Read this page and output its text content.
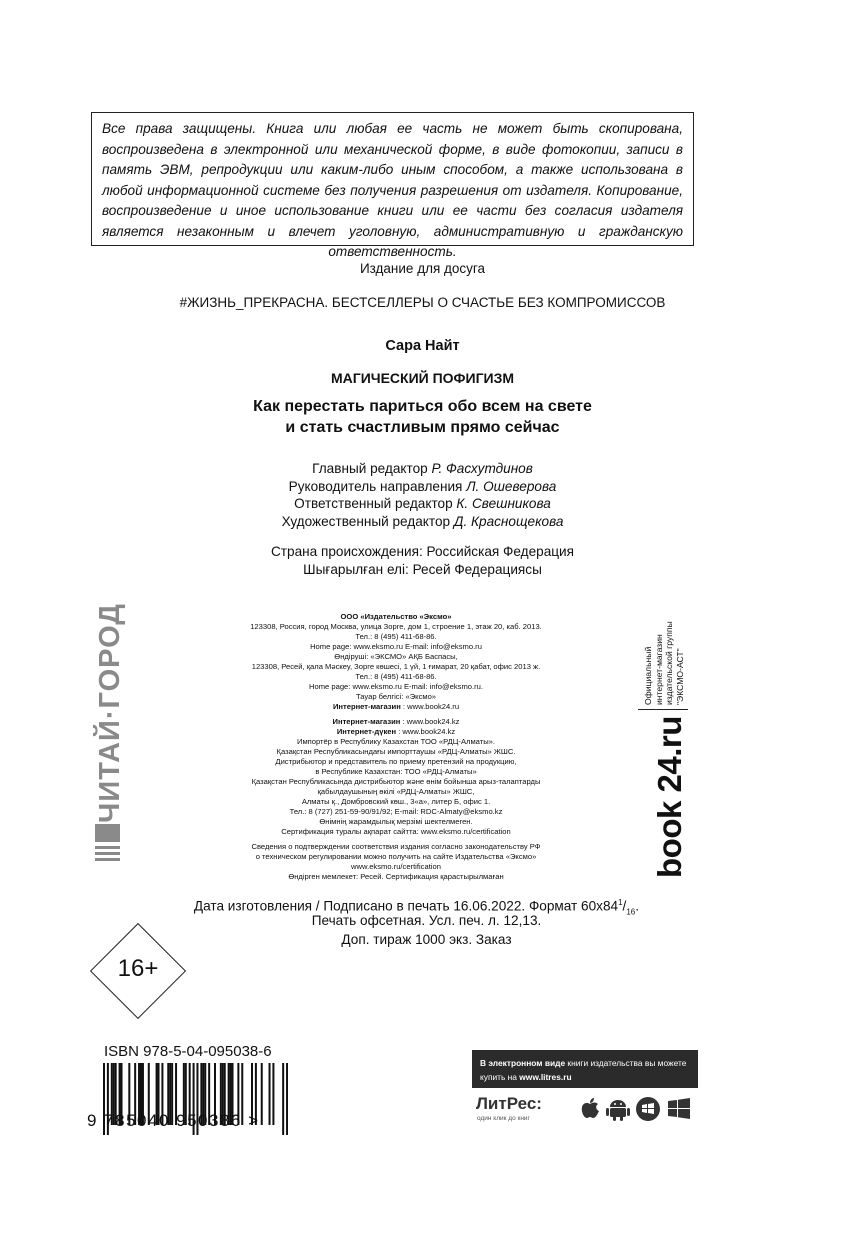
Все права защищены. Книга или любая ее часть не может быть скопирована, воспроизведена в электронной или механической форме, в виде фотокопии, записи в память ЭВМ, репродукции или каким-либо иным способом, а также использована в любой информационной системе без получения разрешения от издателя. Копирование, воспроизведение и иное использование книги или ее части без согласия издателя является незаконным и влечет уголовную, административную и гражданскую ответственность.

Издание для досуга
#ЖИЗНЬ_ПРЕКРАСНА. БЕСТСЕЛЛЕРЫ О СЧАСТЬЕ БЕЗ КОМПРОМИССОВ
Сара Найт
МАГИЧЕСКИЙ ПОФИГИЗМ
Как перестать париться обо всем на свете
и стать счастливым прямо сейчас
Главный редактор Р. Фасхутдинов
Руководитель направления Л. Ошеверова
Ответственный редактор К. Свешникова
Художественный редактор Д. Краснощекова
Страна происхождения: Российская Федерация
Шығарылған елі: Ресей Федерациясы
ООО «Издательство «Эксмо»
123308, Россия, город Москва, улица Зорге, дом 1, строение 1, этаж 20, каб. 2013.
Тел.: 8 (495) 411-68-86.
Home page: www.eksmo.ru E-mail: info@eksmo.ru
Өндіруші: «ЭКСМО» АҚБ Баспасы,
123308, Ресей, қала Мәскеу, Зорге көшесі, 1 үй, 1 ғимарат, 20 қабат, офис 2013 ж.
Тел.: 8 (495) 411-68-86.
Home page: www.eksmo.ru E-mail: info@eksmo.ru.
Тауар белгісі: «Эксмо»
Интернет-магазин : www.book24.ru
Интернет-магазин : www.book24.kz
Интернет-дүкен : www.book24.kz
Импортёр в Республику Казахстан ТОО «РДЦ-Алматы».
Қазақстан Республикасындағы импорттаушы «РДЦ-Алматы» ЖШС.
Дистрибьютор и представитель по приему претензий на продукцию,
в Республике Казахстан: ТОО «РДЦ-Алматы»
Қазақстан Республикасында дистрибьютор және өнім бойынша арыз-талаптарды
қабылдаушының өкілі «РДЦ-Алматы» ЖШС,
Алматы қ., Домбровский көш., 3«а», литер Б, офис 1.
Тел.: 8 (727) 251-59-90/91/92; E-mail: RDC-Almaty@eksmo.kz
Өнімнің жарамдылық мерзімі шектелмеген.
Сертификация туралы ақпарат сайтта: www.eksmo.ru/certification
Сведения о подтверждении соответствия издания согласно законодательству РФ
о техническом регулировании можно получить на сайте Издательства «Эксмо»
www.eksmo.ru/certification
Өндірген мемлекет: Ресей. Сертификация қарастырылмаған
ЧИТАЙ·ГОРОД	Официальный интернет-магазин издательской группы "ЭКСМО-АСТ"
book 24.ru
Дата изготовления / Подписано в печать 16.06.2022. Формат $60x84^1/_{16}$.
Печать офсетная. Усл. печ. л. 12,13.
Доп. тираж 1000 экз. Заказ
16+
ISBN 978-5-04-095038-6
9 785040 950386 >
В электронном виде книги издательства вы можете
купить на www.litres.ru
ЛитРес:
один клик до книг
